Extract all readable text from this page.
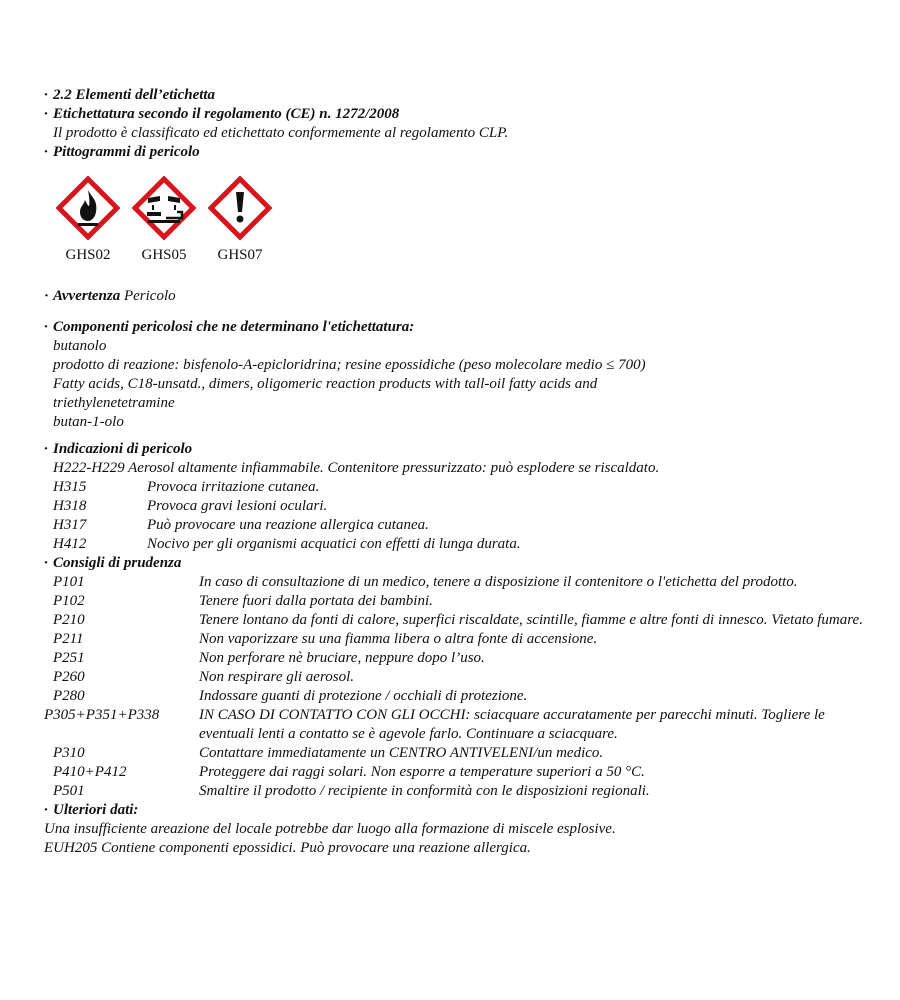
· 2.2 Elementi dell’etichetta
· Etichettatura secondo il regolamento (CE) n. 1272/2008
Il prodotto è classificato ed etichettato conformemente al regolamento CLP.
· Pittogrammi di pericolo
GHS02	GHS05	GHS07
· Avvertenza Pericolo
· Componenti pericolosi che ne determinano l'etichettatura:
butanolo
prodotto di reazione: bisfenolo-A-epicloridrina; resine epossidiche (peso molecolare medio ≤ 700)
Fatty acids, C18-unsatd., dimers, oligomeric reaction products with tall-oil fatty acids and
triethylenetetramine
butan-1-olo
· Indicazioni di pericolo
H222-H229 Aerosol altamente infiammabile. Contenitore pressurizzato: può esplodere se riscaldato.
H315	Provoca irritazione cutanea.
H318	Provoca gravi lesioni oculari.
H317	Può provocare una reazione allergica cutanea.
H412	Nocivo per gli organismi acquatici con effetti di lunga durata.
· Consigli di prudenza
P101	In caso di consultazione di un medico, tenere a disposizione il contenitore o l'etichetta del prodotto.
P102	Tenere fuori dalla portata dei bambini.
P210	Tenere lontano da fonti di calore, superfici riscaldate, scintille, fiamme e altre fonti di innesco. Vietato fumare.
P211	Non vaporizzare su una fiamma libera o altra fonte di accensione.
P251	Non perforare nè bruciare, neppure dopo l’uso.
P260	Non respirare gli aerosol.
P280	Indossare guanti di protezione / occhiali di protezione.
P305+P351+P338	IN CASO DI CONTATTO CON GLI OCCHI: sciacquare accuratamente per parecchi minuti. Togliere le eventuali lenti a contatto se è agevole farlo. Continuare a sciacquare.
P310	Contattare immediatamente un CENTRO ANTIVELENI/un medico.
P410+P412	Proteggere dai raggi solari. Non esporre a temperature superiori a 50 °C.
P501	Smaltire il prodotto / recipiente in conformità con le disposizioni regionali.
· Ulteriori dati:
Una insufficiente areazione del locale potrebbe dar luogo alla formazione di miscele esplosive.
EUH205 Contiene componenti epossidici. Può provocare una reazione allergica.
